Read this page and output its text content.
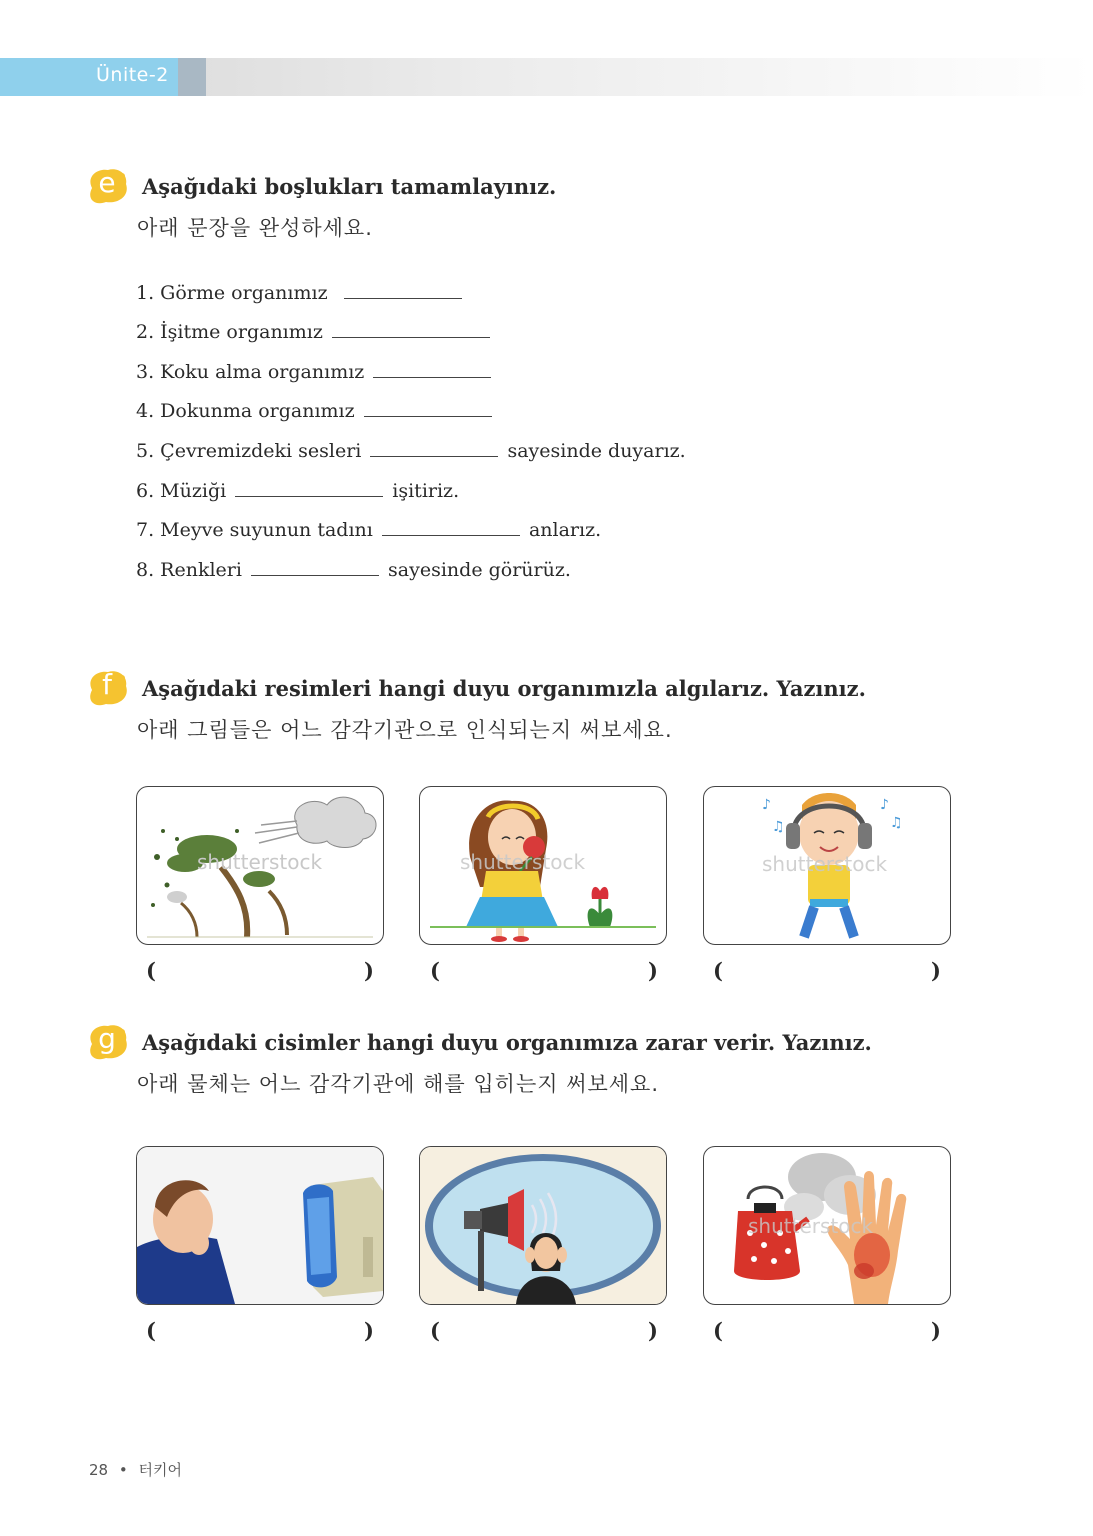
Ünite-2
e	Aşağıdaki boşlukları tamamlayınız.
아래 문장을 완성하세요.
1. Görme organımız
2. İşitme organımız
3. Koku alma organımız
4. Dokunma organımız
5. Çevremizdeki sesleri	sayesinde duyarız.
6. Müziği	işitiriz.
7. Meyve suyunun tadını	anlarız.
8. Renkleri	sayesinde görürüz.
f	Aşağıdaki resimleri hangi duyu organımızla algılarız. Yazınız.
아래 그림들은 어느 감각기관으로 인식되는지 써보세요.
shutterstock	shutterstock
♪
♫
♪
♫
shutterstock
(	)	(	)	(	)
g Aşağıdaki cisimler hangi duyu organımıza zarar verir. Yazınız.
아래 물체는 어느 감각기관에 해를 입히는지 써보세요.
shutterstock
(	)	(	)	(	)
28 • 터키어
